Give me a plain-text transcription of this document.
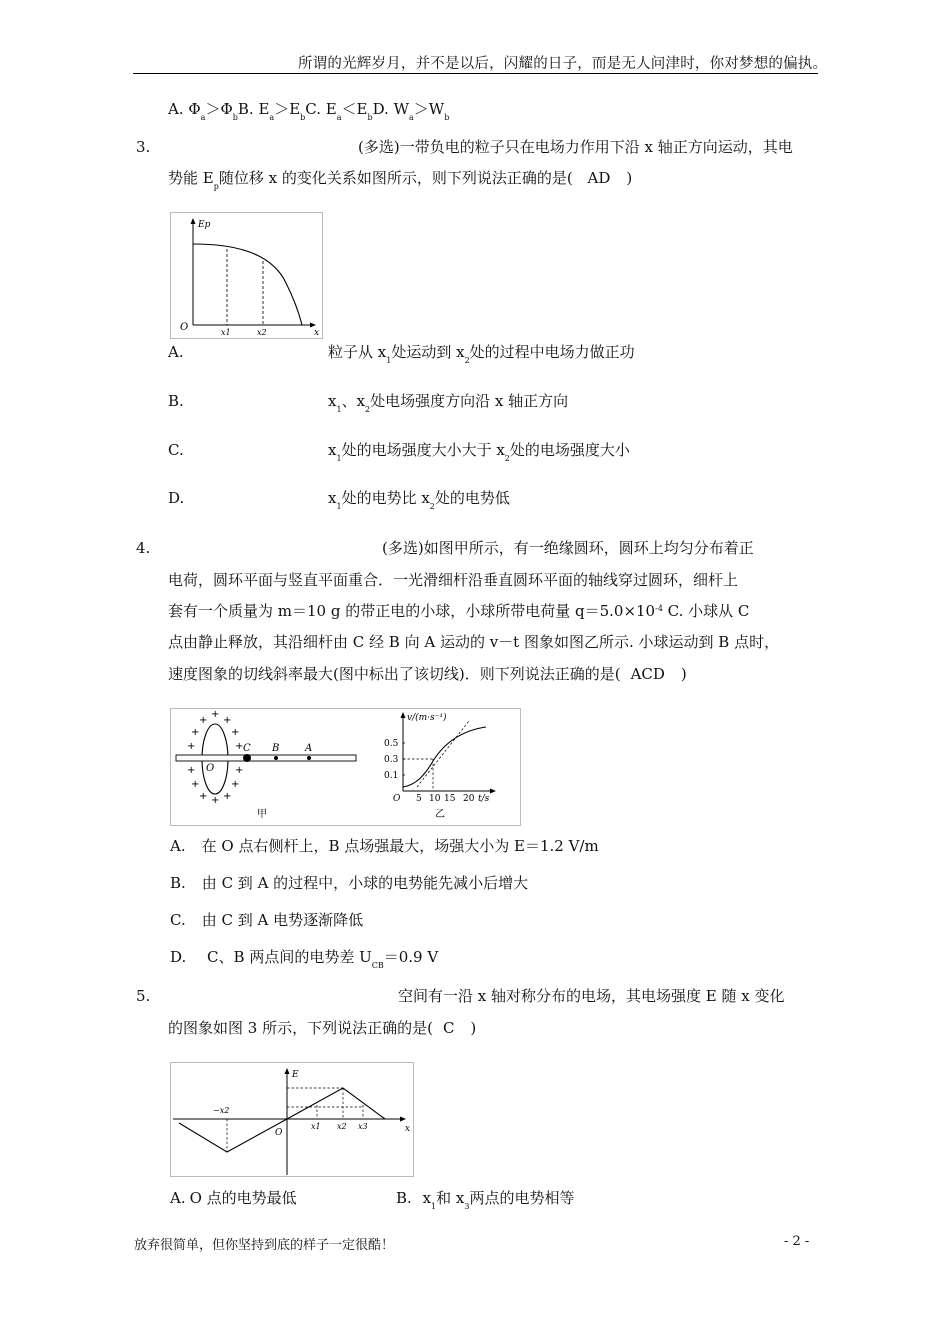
所谓的光辉岁月，并不是以后，闪耀的日子，而是无人问津时，你对梦想的偏执。
A. $\Phi_a>\Phi_bB$. $E_a>E_bC$. $E_a<E_bD$. $W_a>W_b$
3.	(多选)一带负电的粒子只在电场力作用下沿 x 轴正方向运动，其电
势能 $E_p$随位移 x 的变化关系如图所示，则下列说法正确的是( AD )
Ep
O	x
x1	x2
A.	粒子从 $x_1$处运动到 $x_2$处的过程中电场力做正功
B.	$x_1$、$x_2$处电场强度方向沿 x 轴正方向
C.	$x_1$处的电场强度大小大于 $x_2$处的电场强度大小
D.	$x_1$处的电势比 $x_2$处的电势低
4.	(多选)如图甲所示，有一绝缘圆环，圆环上均匀分布着正
电荷，圆环平面与竖直平面重合．一光滑细杆沿垂直圆环平面的轴线穿过圆环，细杆上
套有一个质量为 m＝10 g 的带正电的小球，小球所带电荷量 $q=5.0\times 10^{-4}$ C. 小球从 C
点由静止释放，其沿细杆由 C 经 B 向 A 运动的 v－t 图象如图乙所示. 小球运动到 B 点时，
速度图象的切线斜率最大(图中标出了该切线)．则下列说法正确的是( ACD )
+
+
+
+	+
+	+
+	+
+	+
+ + +
O
C B	A
甲
v/(m·s⁻¹)
0.5
0.3
0.1
O 5 10 15 20 t/s
乙
A. 在 O 点右侧杆上，B 点场强最大，场强大小为 E＝1.2 V/m
B. 由 C 到 A 的过程中，小球的电势能先减小后增大
C. 由 C 到 A 电势逐渐降低
D. C、B 两点间的电势差 $U_{CB}=0.9$ V
5.	空间有一沿 x 轴对称分布的电场，其电场强度 E 随 x 变化
的图象如图 3 所示，下列说法正确的是( C )
E
O	x
−x2
x1 x2 x3
A. O 点的电势最低	B. $x_1$和 $x_3$两点的电势相等
放弃很简单，但你坚持到底的样子一定很酷！	- 2 -
